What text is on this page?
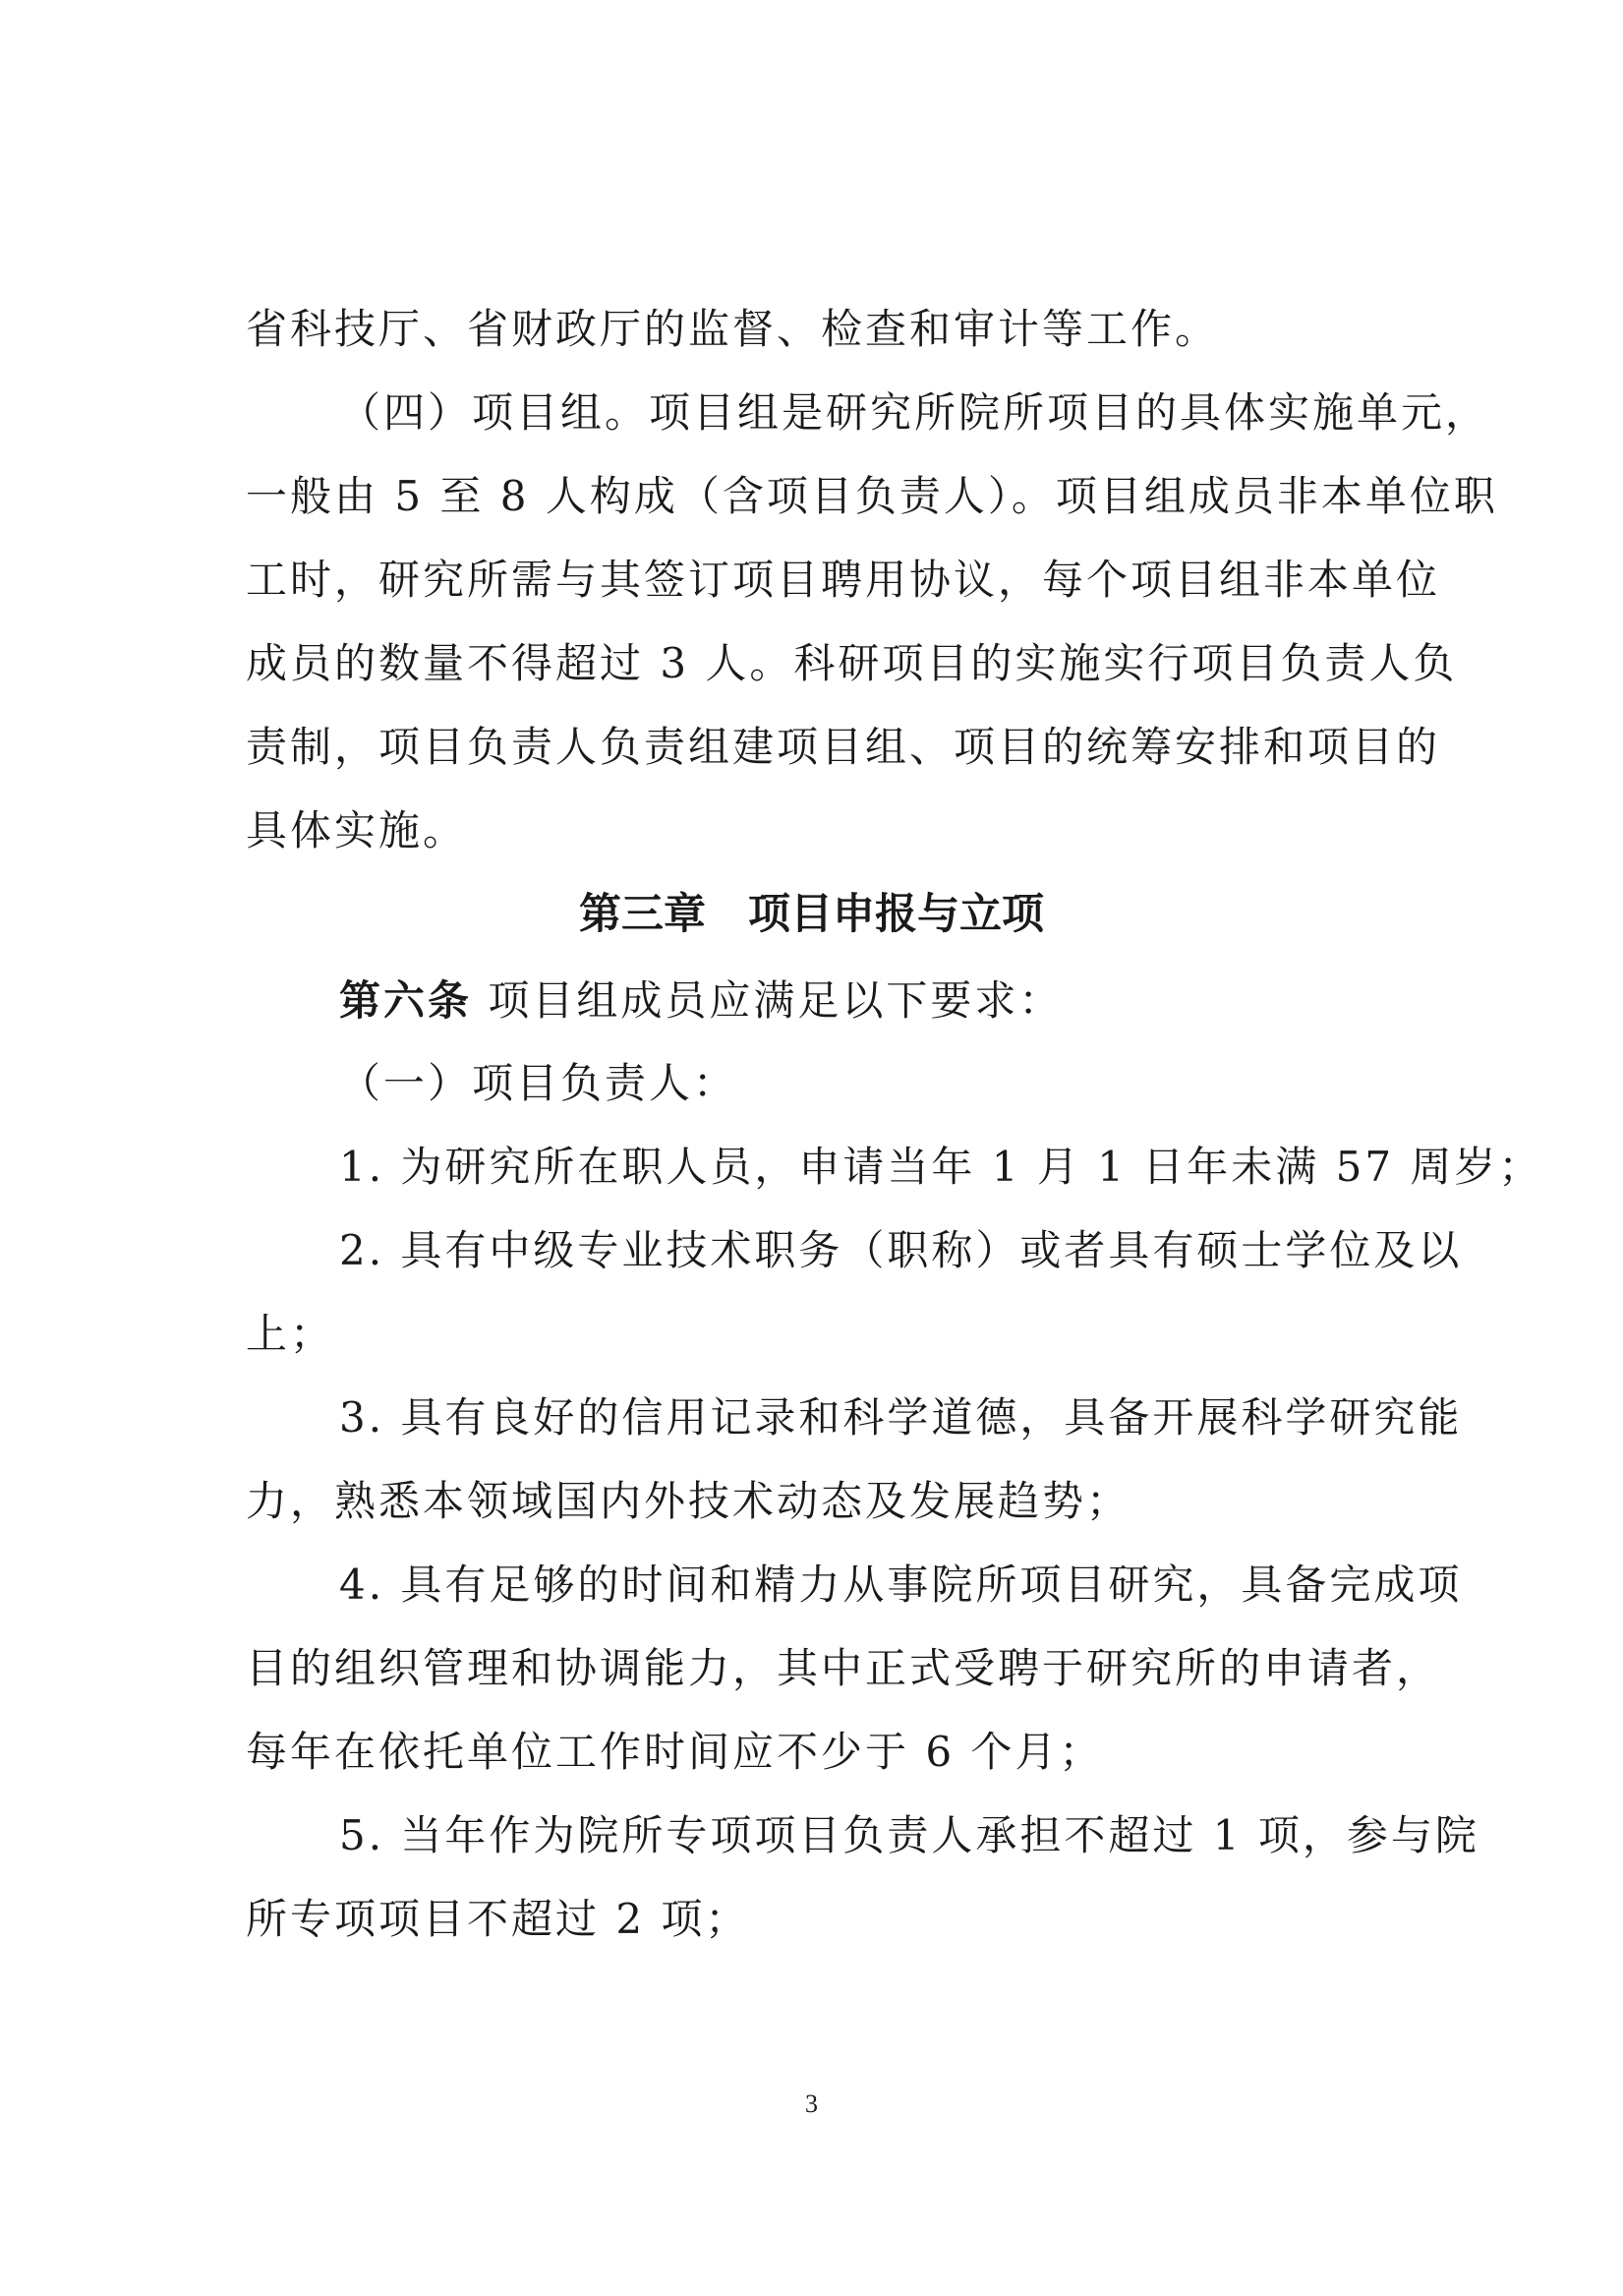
省科技厅、省财政厅的监督、检查和审计等工作。

（四）项目组。项目组是研究所院所项目的具体实施单元，

一般由 5 至 8 人构成（含项目负责人）。项目组成员非本单位职

工时，研究所需与其签订项目聘用协议，每个项目组非本单位

成员的数量不得超过 3 人。科研项目的实施实行项目负责人负

责制，项目负责人负责组建项目组、项目的统筹安排和项目的

具体实施。

第三章　项目申报与立项

第六条 项目组成员应满足以下要求：

（一）项目负责人：

1. 为研究所在职人员，申请当年 1 月 1 日年未满 57 周岁；

2. 具有中级专业技术职务（职称）或者具有硕士学位及以

上；

3. 具有良好的信用记录和科学道德，具备开展科学研究能

力，熟悉本领域国内外技术动态及发展趋势；

4. 具有足够的时间和精力从事院所项目研究，具备完成项

目的组织管理和协调能力，其中正式受聘于研究所的申请者，

每年在依托单位工作时间应不少于 6 个月；

5. 当年作为院所专项项目负责人承担不超过 1 项，参与院

所专项项目不超过 2 项；

3
